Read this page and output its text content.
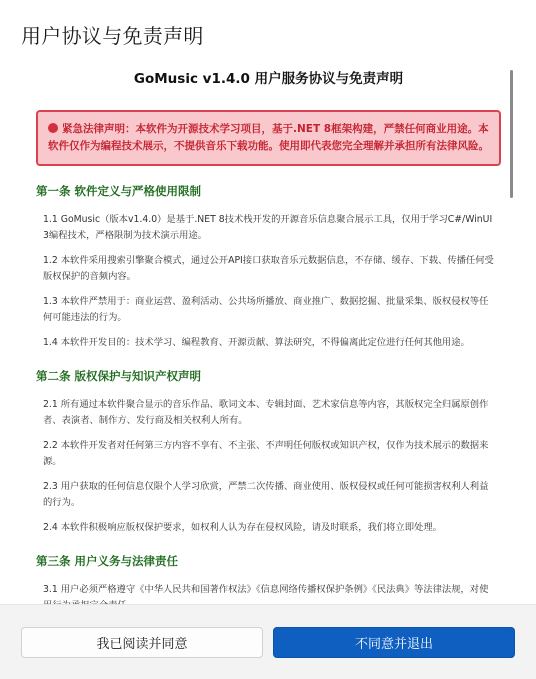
用户协议与免责声明
GoMusic v1.4.0 用户服务协议与免责声明
紧急法律声明：本软件为开源技术学习项目，基于.NET 8框架构建，严禁任何商业用途。本软件仅作为编程技术展示，不提供音乐下载功能。使用即代表您完全理解并承担所有法律风险。
第一条 软件定义与严格使用限制

1.1 GoMusic（版本v1.4.0）是基于.NET 8技术栈开发的开源音乐信息聚合展示工具，仅用于学习C#/WinUI 3编程技术，严格限制为技术演示用途。

1.2 本软件采用搜索引擎聚合模式，通过公开API接口获取音乐元数据信息，不存储、缓存、下载、传播任何受版权保护的音频内容。

1.3 本软件严禁用于：商业运营、盈利活动、公共场所播放、商业推广、数据挖掘、批量采集、版权侵权等任何可能违法的行为。

1.4 本软件开发目的：技术学习、编程教育、开源贡献、算法研究，不得偏离此定位进行任何其他用途。

第二条 版权保护与知识产权声明

2.1 所有通过本软件聚合显示的音乐作品、歌词文本、专辑封面、艺术家信息等内容，其版权完全归属原创作者、表演者、制作方、发行商及相关权利人所有。

2.2 本软件开发者对任何第三方内容不享有、不主张、不声明任何版权或知识产权，仅作为技术展示的数据来源。

2.3 用户获取的任何信息仅限个人学习欣赏，严禁二次传播、商业使用、版权侵权或任何可能损害权利人利益的行为。

2.4 本软件积极响应版权保护要求，如权利人认为存在侵权风险，请及时联系，我们将立即处理。

第三条 用户义务与法律责任

3.1 用户必须严格遵守《中华人民共和国著作权法》《信息网络传播权保护条例》《民法典》等法律法规，对使

我已阅读并同意	不同意并退出
